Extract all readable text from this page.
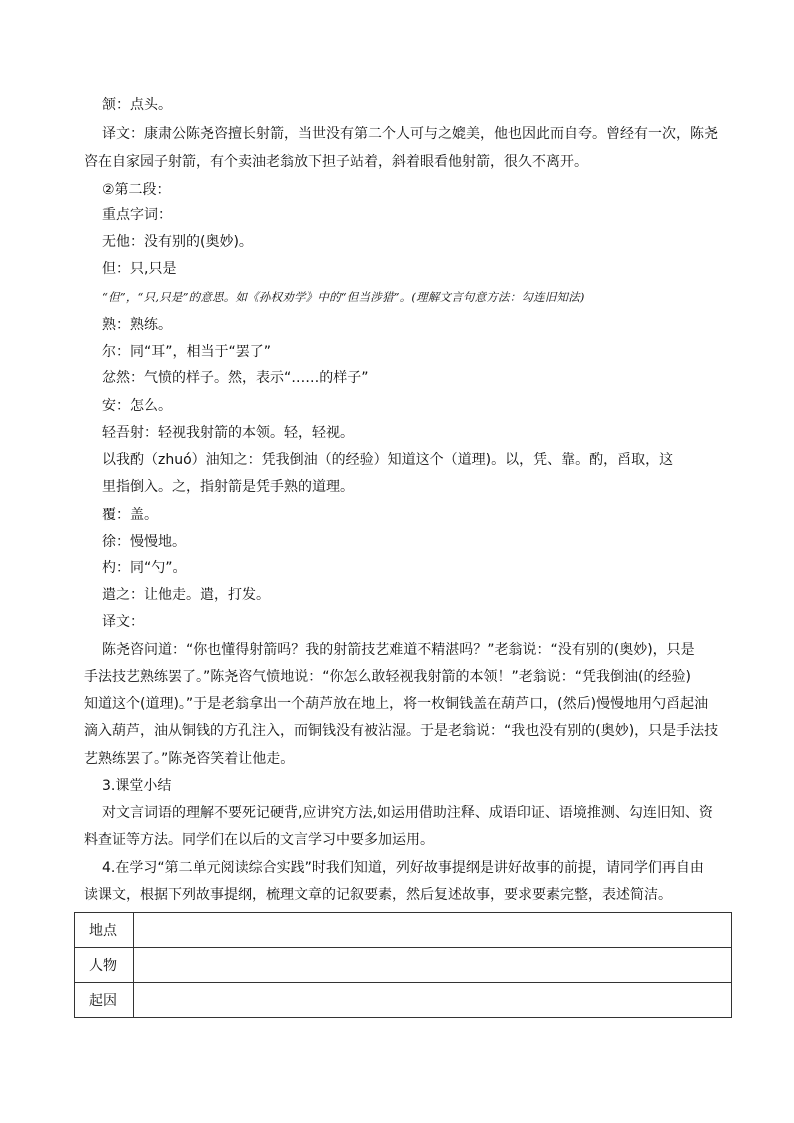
颔：点头。
译文：康肃公陈尧咨擅长射箭，当世没有第二个人可与之媲美，他也因此而自夸。曾经有一次，陈尧
咨在自家园子射箭，有个卖油老翁放下担子站着，斜着眼看他射箭，很久不离开。
②第二段：
重点字词：
无他：没有别的(奥妙)。
但：只,只是
“但”，“只,只是”的意思。如《孙权劝学》中的“但当涉猎”。(理解文言句意方法：勾连旧知法)
熟：熟练。
尔：同“耳”，相当于“罢了”
忿然：气愤的样子。然，表示“……的样子”
安：怎么。
轻吾射：轻视我射箭的本领。轻，轻视。
以我酌（zhuó）油知之：凭我倒油（的经验）知道这个（道理)。以，凭、靠。酌，舀取，这
里指倒入。之，指射箭是凭手熟的道理。
覆：盖。
徐：慢慢地。
杓：同“勺”。
遣之：让他走。遣，打发。
译文：
陈尧咨问道：“你也懂得射箭吗？我的射箭技艺难道不精湛吗？”老翁说：“没有别的(奥妙)，只是
手法技艺熟练罢了。”陈尧咨气愤地说：“你怎么敢轻视我射箭的本领！”老翁说：“凭我倒油(的经验)
知道这个(道理)。”于是老翁拿出一个葫芦放在地上，将一枚铜钱盖在葫芦口，(然后)慢慢地用勺舀起油
滴入葫芦，油从铜钱的方孔注入，而铜钱没有被沾湿。于是老翁说：“我也没有别的(奥妙)，只是手法技
艺熟练罢了。”陈尧咨笑着让他走。
3.课堂小结
对文言词语的理解不要死记硬背,应讲究方法,如运用借助注释、成语印证、语境推测、勾连旧知、资
料查证等方法。同学们在以后的文言学习中要多加运用。
4.在学习“第二单元阅读综合实践”时我们知道，列好故事提纲是讲好故事的前提，请同学们再自由
读课文，根据下列故事提纲，梳理文章的记叙要素，然后复述故事，要求要素完整，表述简洁。
地点	
人物	
起因	
